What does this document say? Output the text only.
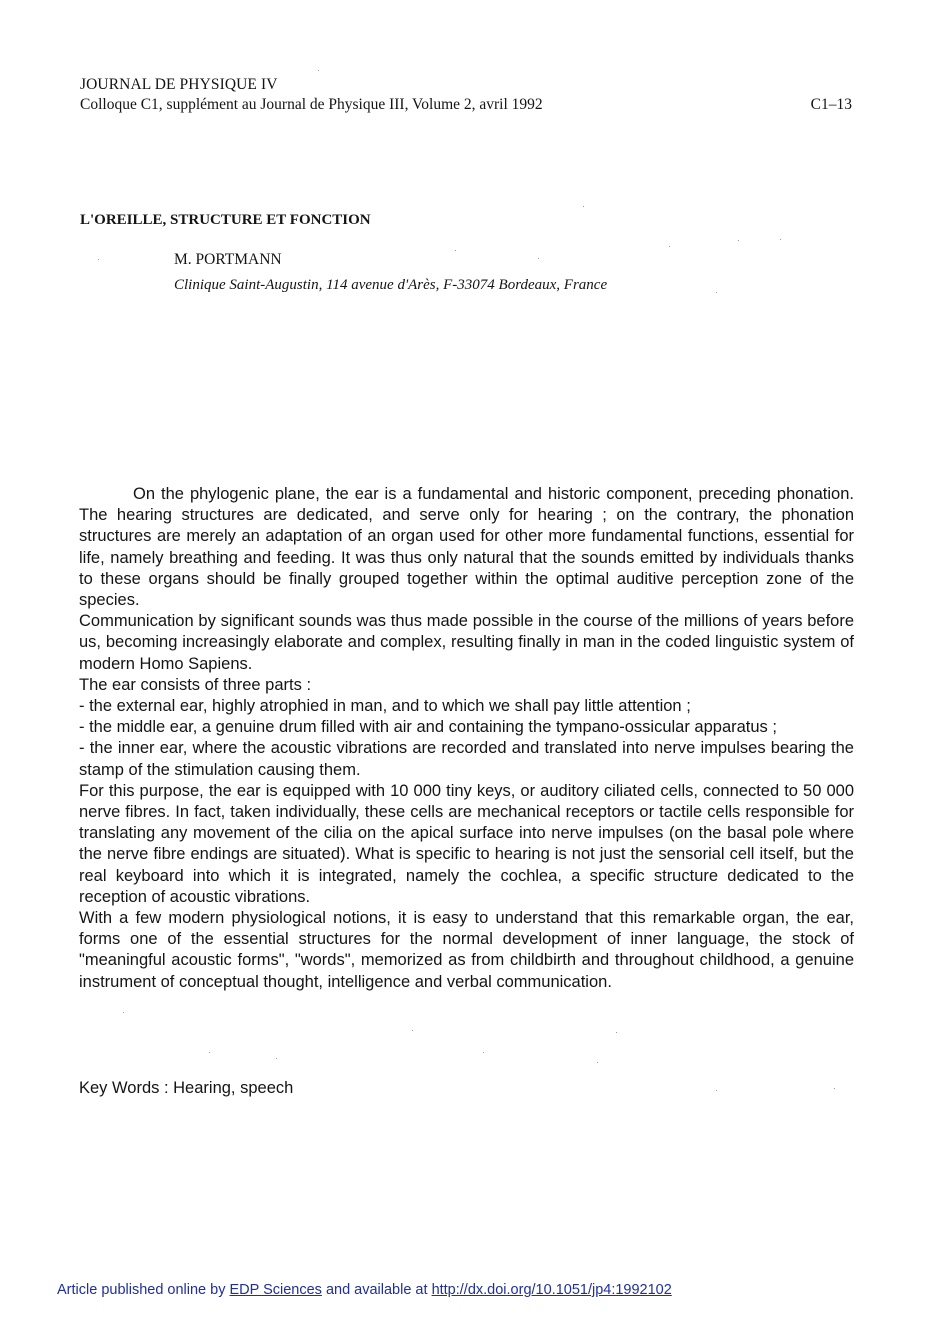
JOURNAL DE PHYSIQUE IV
Colloque C1, supplément au Journal de Physique III, Volume 2, avril 1992	C1–13
L'OREILLE, STRUCTURE ET FONCTION
M. PORTMANN
Clinique Saint-Augustin, 114 avenue d'Arès, F-33074 Bordeaux, France

On the phylogenic plane, the ear is a fundamental and historic component, preceding phonation. The hearing structures are dedicated, and serve only for hearing ; on the contrary, the phonation structures are merely an adaptation of an organ used for other more fundamental functions, essential for life, namely breathing and feeding. It was thus only natural that the sounds emitted by individuals thanks to these organs should be finally grouped together within the optimal auditive perception zone of the species.

Communication by significant sounds was thus made possible in the course of the millions of years before us, becoming increasingly elaborate and complex, resulting finally in man in the coded linguistic system of modern Homo Sapiens.

The ear consists of three parts :

- the external ear, highly atrophied in man, and to which we shall pay little attention ;

- the middle ear, a genuine drum filled with air and containing the tympano-ossicular apparatus ;

- the inner ear, where the acoustic vibrations are recorded and translated into nerve impulses bearing the stamp of the stimulation causing them.

For this purpose, the ear is equipped with 10 000 tiny keys, or auditory ciliated cells, connected to 50 000 nerve fibres. In fact, taken individually, these cells are mechanical receptors or tactile cells responsible for translating any movement of the cilia on the apical surface into nerve impulses (on the basal pole where the nerve fibre endings are situated). What is specific to hearing is not just the sensorial cell itself, but the real keyboard into which it is integrated, namely the cochlea, a specific structure dedicated to the reception of acoustic vibrations.

With a few modern physiological notions, it is easy to understand that this remarkable organ, the ear, forms one of the essential structures for the normal development of inner language, the stock of "meaningful acoustic forms", "words", memorized as from childbirth and throughout childhood, a genuine instrument of conceptual thought, intelligence and verbal communication.

Key Words : Hearing, speech
Article published online by EDP Sciences and available at http://dx.doi.org/10.1051/jp4:1992102
